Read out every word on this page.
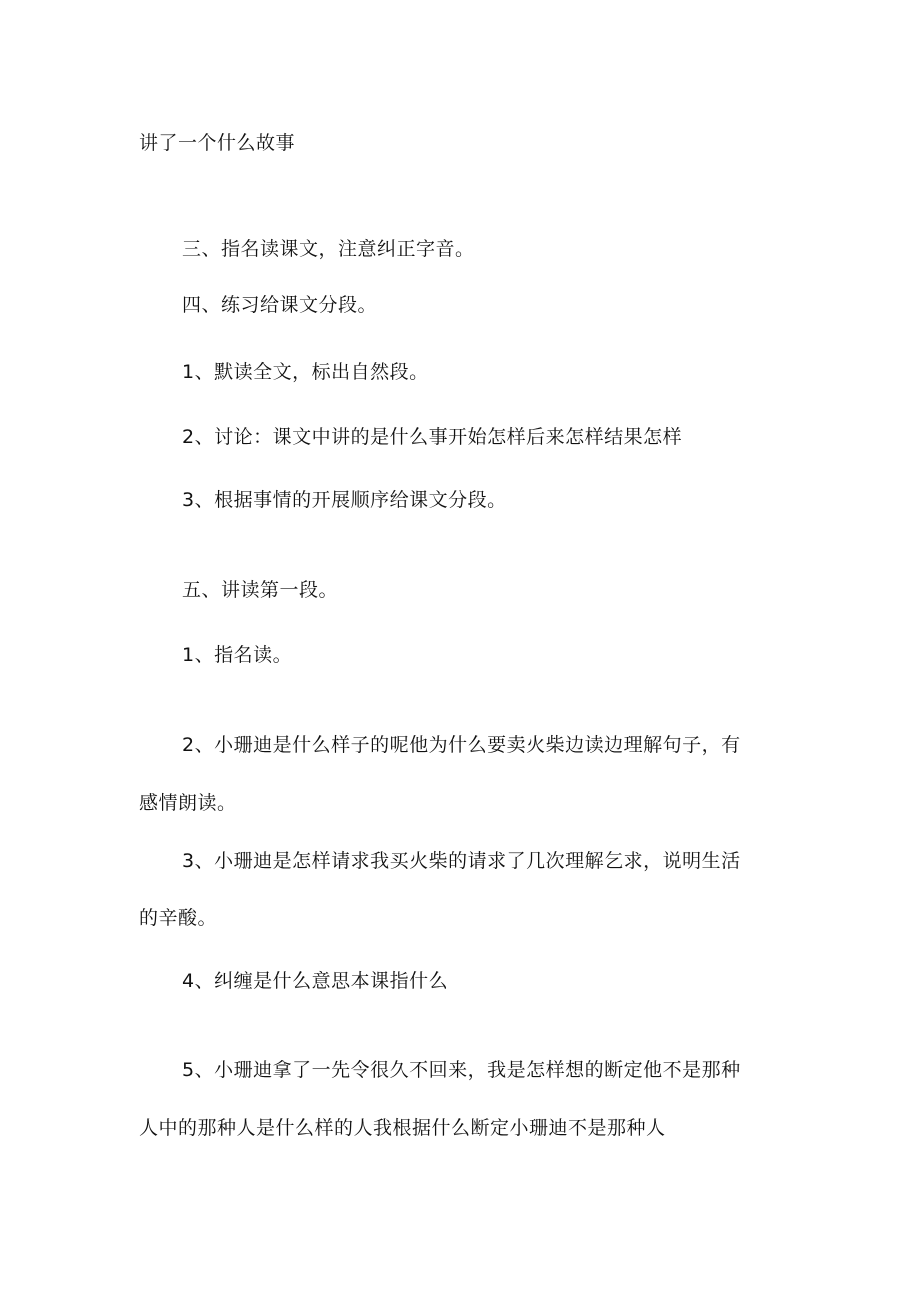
讲了一个什么故事
三、指名读课文，注意纠正字音。
四、练习给课文分段。
1、默读全文，标出自然段。
2、讨论：课文中讲的是什么事开始怎样后来怎样结果怎样
3、根据事情的开展顺序给课文分段。
五、讲读第一段。
1、指名读。
2、小珊迪是什么样子的呢他为什么要卖火柴边读边理解句子，有
感情朗读。
3、小珊迪是怎样请求我买火柴的请求了几次理解乞求，说明生活
的辛酸。
4、纠缠是什么意思本课指什么
5、小珊迪拿了一先令很久不回来，我是怎样想的断定他不是那种
人中的那种人是什么样的人我根据什么断定小珊迪不是那种人
